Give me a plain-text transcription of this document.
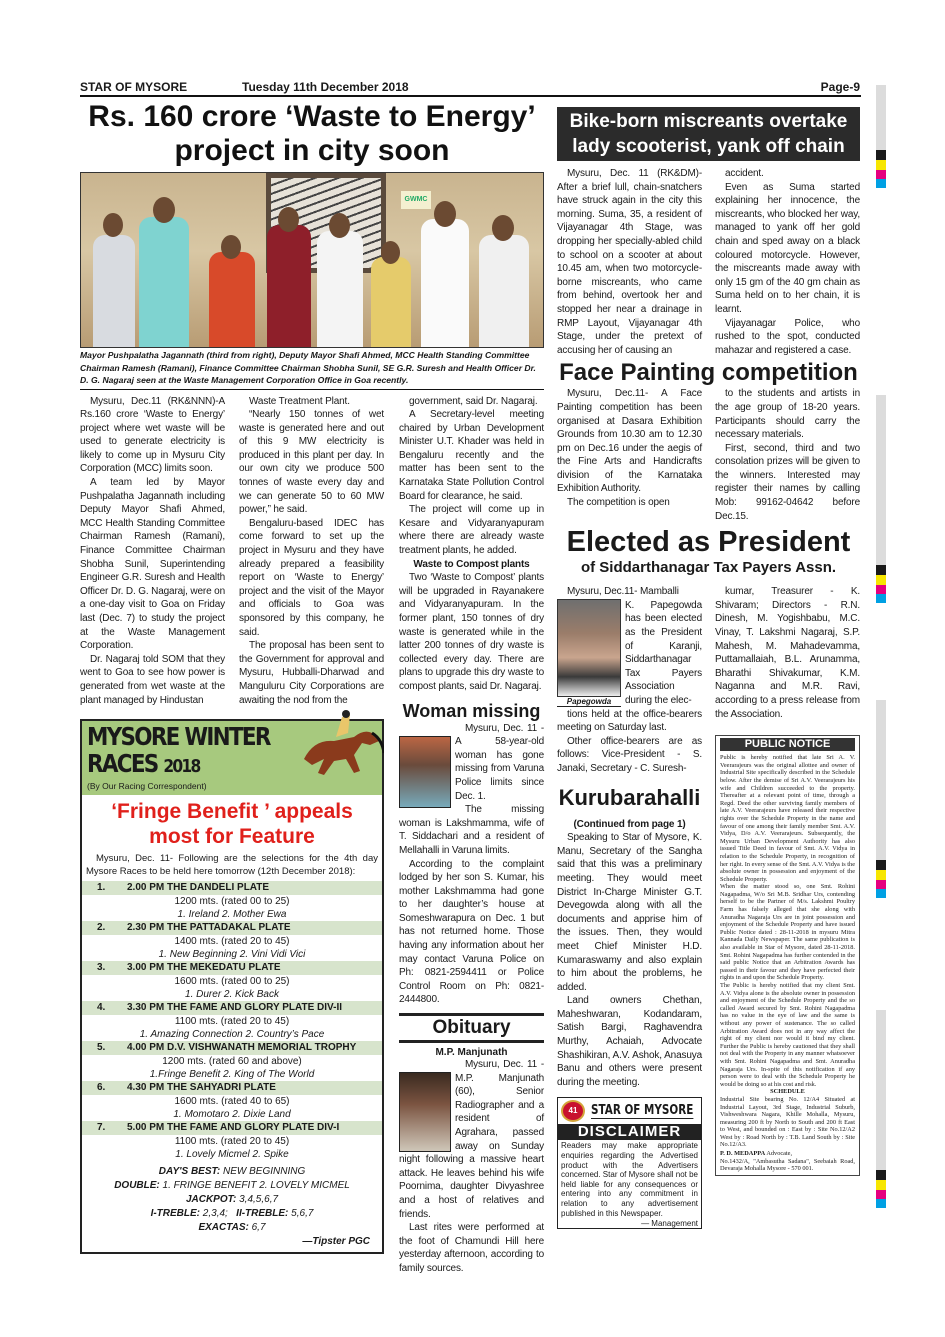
STAR OF MYSORE	Tuesday 11th December 2018	Page-9
Rs. 160 crore ‘Waste to Energy’
project in city soon
GWMC
Mayor Pushpalatha Jagannath (third from right), Deputy Mayor Shafi Ahmed, MCC Health Standing Committee Chairman Ramesh (Ramani), Finance Committee Chairman Shobha Sunil, SE G.R. Suresh and Health Officer Dr. D. G. Nagaraj seen at the Waste Management Corporation Office in Goa recently.

Mysuru, Dec.11 (RK&NNN)-A Rs.160 crore ‘Waste to Energy’ project where wet waste will be used to generate electricity is likely to come up in Mysuru City Corporation (MCC) limits soon.

A team led by Mayor Pushpalatha Jagannath including Deputy Mayor Shafi Ahmed, MCC Health Standing Committee Chairman Ramesh (Ramani), Finance Committee Chairman Shobha Sunil, Superintending Engineer G.R. Suresh and Health Officer Dr. D. G. Nagaraj, were on a one-day visit to Goa on Friday last (Dec. 7) to study the project at the Waste Management Corporation.

Dr. Nagaraj told SOM that they went to Goa to see how power is generated from wet waste at the plant managed by Hindustan

Waste Treatment Plant.

“Nearly 150 tonnes of wet waste is generated here and out of this 9 MW electricity is produced in this plant per day. In our own city we produce 500 tonnes of waste every day and we can generate 50 to 60 MW power,” he said.

Bengaluru-based IDEC has come forward to set up the project in Mysuru and they have already prepared a feasibility report on ‘Waste to Energy’ project and the visit of the Mayor and officials to Goa was sponsored by this company, he said.

The proposal has been sent to the Government for approval and Mysuru, Hubballi-Dharwad and Manguluru City Corporations are awaiting the nod from the

MYSORE WINTER
RACES 2018
(By Our Racing Correspondent)
‘Fringe Benefit ’ appeals
most for Feature
Mysuru, Dec. 11- Following are the selections for the 4th day Mysore Races to be held here tomorrow (12th December 2018):
1.	2.00 PM THE DANDELI PLATE
1200 mts. (rated 00 to 25)
1. Ireland 2. Mother Ewa
2.	2.30 PM THE PATTADAKAL PLATE
1400 mts. (rated 20 to 45)
1. New Beginning 2. Vini Vidi Vici
3.	3.00 PM THE MEKEDATU PLATE
1600 mts. (rated 00 to 25)
1. Durer 2. Kick Back
4.	3.30 PM THE FAME AND GLORY PLATE DIV-II
1100 mts. (rated 20 to 45)
1. Amazing Connection 2. Country’s Pace
5.	4.00 PM D.V. VISHWANATH MEMORIAL TROPHY
1200 mts. (rated 60 and above)
1.Fringe Benefit 2. King of The World
6.	4.30 PM THE SAHYADRI PLATE
1600 mts. (rated 40 to 65)
1. Momotaro 2. Dixie Land
7.	5.00 PM THE FAME AND GLORY PLATE DIV-I
1100 mts. (rated 20 to 45)
1. Lovely Micmel 2. Spike
DAY'S BEST: NEW BEGINNING
DOUBLE: 1. FRINGE BENEFIT 2. LOVELY MICMEL
JACKPOT: 3,4,5,6,7
I-TREBLE: 2,3,4; II-TREBLE: 5,6,7
EXACTAS: 6,7
—Tipster PGC

government, said Dr. Nagaraj.

A Secretary-level meeting chaired by Urban Development Minister U.T. Khader was held in Bengaluru recently and the matter has been sent to the Karnataka State Pollution Control Board for clearance, he said.

The project will come up in Kesare and Vidyaranyapuram where there are already waste treatment plants, he added.

Waste to Compost plants

Two ‘Waste to Compost’ plants will be upgraded in Rayanakere and Vidyaranyapuram. In the former plant, 150 tonnes of dry waste is generated while in the latter 200 tonnes of dry waste is collected every day. There are plans to upgrade this dry waste to compost plants, said Dr. Nagaraj.

Woman missing

Mysuru, Dec. 11 - A 58-year-old woman has gone missing from Varuna Police limits since Dec. 1.

The missing woman is Lakshmamma, wife of T. Siddachari and a resident of Mellahalli in Varuna limits.

According to the complaint lodged by her son S. Kumar, his mother Lakshmamma had gone to her daughter’s house at Someshwarapura on Dec. 1 but has not returned home. Those having any information about her may contact Varuna Police on Ph: 0821-2594411 or Police Control Room on Ph: 0821-2444800.

Obituary
M.P. Manjunath

Mysuru, Dec. 11 - M.P. Manjunath (60), Senior Radiographer and a resident of Agrahara, passed away on Sunday night following a massive heart attack. He leaves behind his wife Poornima, daughter Divyashree and a host of relatives and friends.

Last rites were performed at the foot of Chamundi Hill here yesterday afternoon, according to family sources.

Bike-born miscreants overtake
lady scooterist, yank off chain

Mysuru, Dec. 11 (RK&DM)- After a brief lull, chain-snatchers have struck again in the city this morning. Suma, 35, a resident of Vijayanagar 4th Stage, was dropping her specially-abled child to school on a scooter at about 10.45 am, when two motorcycle-borne miscreants, who came from behind, overtook her and stopped her near a drainage in RMP Layout, Vijayanagar 4th Stage, under the pretext of accusing her of causing an

accident.

Even as Suma started explaining her innocence, the miscreants, who blocked her way, managed to yank off her gold chain and sped away on a black coloured motorcycle. However, the miscreants made away with only 15 gm of the 40 gm chain as Suma held on to her chain, it is learnt.

Vijayanagar Police, who rushed to the spot, conducted mahazar and registered a case.

Face Painting competition

Mysuru, Dec.11- A Face Painting competition has been organised at Dasara Exhibition Grounds from 10.30 am to 12.30 pm on Dec.16 under the aegis of the Fine Arts and Handicrafts division of the Karnataka Exhibition Authority.

The competition is open

to the students and artists in the age group of 18-20 years. Participants should carry the necessary materials.

First, second, third and two consolation prizes will be given to the winners. Interested may register their names by calling Mob: 99162-04642 before Dec.15.

Elected as President
of Siddarthanagar Tax Payers Assn.

Mysuru, Dec.11- Mamballi

Papegowda

K. Papegowda has been elected as the President of Karanji, Siddarthanagar Tax Payers Association during the elec-

tions held at the office-bearers meeting on Saturday last.

Other office-bearers are as follows: Vice-President - S. Janaki, Secretary - C. Suresh-

Kurubarahalli

(Continued from page 1)

Speaking to Star of Mysore, K. Manu, Secretary of the Sangha said that this was a preliminary meeting. They would meet District In-Charge Minister G.T. Devegowda along with all the documents and apprise him of the issues. Then, they would meet Chief Minister H.D. Kumaraswamy and also explain to him about the problems, he added.

Land owners Chethan, Maheshwaran, Kodandaram, Satish Bargi, Raghavendra Murthy, Achaiah, Advocate Shashikiran, A.V. Ashok, Anasuya Banu and others were present during the meeting.

41	STAR OF MYSORE
DISCLAIMER
Readers may make appropriate enquiries regarding the Advertised product with the Advertisers concerned. Star of Mysore shall not be held liable for any consequences or entering into any commitment in relation to any advertisement published in this Newspaper.
— Management

kumar, Treasurer - K. Shivaram; Directors - R.N. Dinesh, M. Yogishbabu, M.C. Vinay, T. Lakshmi Nagaraj, S.P. Mahesh, M. Mahadevamma, Puttamallaiah, B.L. Arunamma, Bharathi Shivakumar, K.M. Naganna and M.R. Ravi, according to a press release from the Association.

PUBLIC NOTICE

Public is hereby notified that late Sri A. V. Veerarajeurs was the original allottee and owner of Industrial Site specifically described in the Schedule below. After the demise of Sri A.V. Veerarajeurs his wife and Children succeeded to the property. Thereafter at a relevant point of time, through a Regd. Deed the other surviving family members of late A.V. Veerarajeurs have released their respective rights over the Schedule Property in the name and favour of one among their family member Smt. A.V. Vidya, D/o A.V. Veerarajeurs. Subsequently, the Mysuru Urban Development Authority has also issued Title Deed in favour of Smt. A.V. Vidya in relation to the Schedule Property, in recognition of her right. In every sense of the Smt. A.V. Vidya is the absolute owner in possession and enjoyment of the Schedule Property.

When the matter stood so, one Smt. Rohini Nagapadma, W/o Sri M.B. Sridhar Urs, contending herself to be the Partner of M/s. Lakshmi Poultry Farm has falsely alleged that she along with Anuradha Nagaraja Urs are in joint possession and enjoyment of the Schedule Property and have issued Public Notice dated : 28-11-2018 in mysuru Mitra Kannada Daily Newspaper. The same publication is also available in Star of Mysore, dated 28-11-2018. Smt. Rohini Nagapadma has further contended in the said public Notice that an Arbitration Awards has passed in their favour and they have perfected their rights in and upon the Schedule Property.

The Public is hereby notified that my client Smt. A.V. Vidya alone is the absolute owner in possession and enjoyment of the Schedule Property and the so called Award secured by Smt. Rohini Nagapadma has no value in the eye of law and the same is without any power of sustenance. The so called Arbitration Award does not in any way affect the right of my client nor would it bind my client. Further the Public is hereby cautioned that they shall not deal with the Property in any manner whatsoever with Smt. Rohini Nagapadma and Smt. Anuradha Nagaraja Urs. In-spite of this notification if any person were to deal with the Schedule Property he would be doing so at his cost and risk.

SCHEDULE

Industrial Site bearing No. 12/A4 Situated at Industrial Layout, 3rd Stage, Industrial Suburb, Vishweshwara Nagara, Khille Mohalla, Mysuru, measuring 200 ft by North to South and 200 ft East to West, and bounded on : East by : Site No.12/A2 West by : Road North by : T.B. Land South by : Site No.12/A3.

P. D. MEDAPPA Advocate,

No.1432/A, "Ambasutha Sadana", Seebaiah Road, Devaraja Mohalla Mysore - 570 001.
